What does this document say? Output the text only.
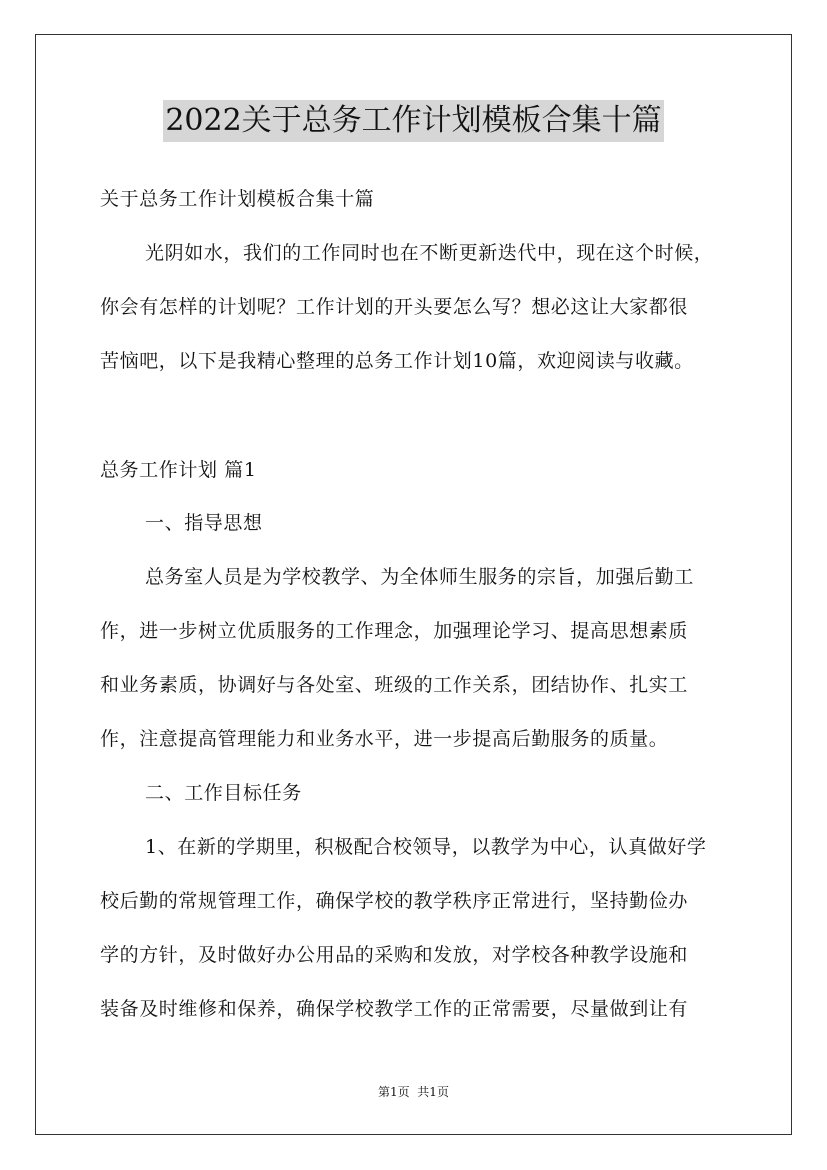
2022关于总务工作计划模板合集十篇
关于总务工作计划模板合集十篇
光阴如水，我们的工作同时也在不断更新迭代中，现在这个时候，
你会有怎样的计划呢？工作计划的开头要怎么写？想必这让大家都很
苦恼吧，以下是我精心整理的总务工作计划10篇，欢迎阅读与收藏。
总务工作计划 篇1
一、指导思想
总务室人员是为学校教学、为全体师生服务的宗旨，加强后勤工
作，进一步树立优质服务的工作理念，加强理论学习、提高思想素质
和业务素质，协调好与各处室、班级的工作关系，团结协作、扎实工
作，注意提高管理能力和业务水平，进一步提高后勤服务的质量。
二、工作目标任务
1、在新的学期里，积极配合校领导，以教学为中心，认真做好学
校后勤的常规管理工作，确保学校的教学秩序正常进行，坚持勤俭办
学的方针，及时做好办公用品的采购和发放，对学校各种教学设施和
装备及时维修和保养，确保学校教学工作的正常需要，尽量做到让有
第1页  共1页
